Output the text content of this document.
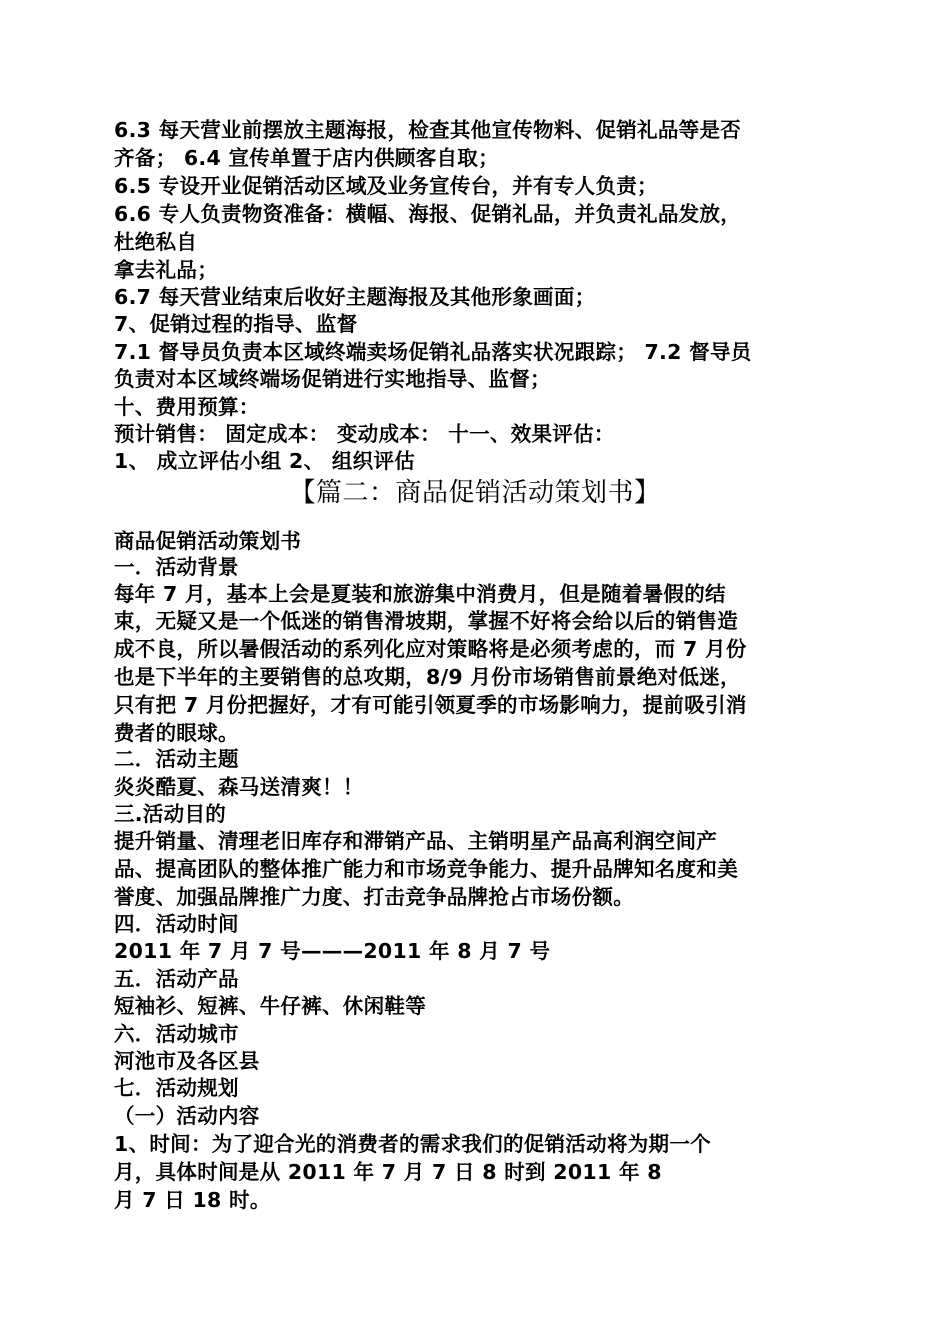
6.3 每天营业前摆放主题海报，检查其他宣传物料、促销礼品等是否
齐备； 6.4 宣传单置于店内供顾客自取；
6.5 专设开业促销活动区域及业务宣传台，并有专人负责；
6.6 专人负责物资准备：横幅、海报、促销礼品，并负责礼品发放，
杜绝私自
拿去礼品；
6.7 每天营业结束后收好主题海报及其他形象画面；
7、促销过程的指导、监督
7.1 督导员负责本区域终端卖场促销礼品落实状况跟踪； 7.2 督导员
负责对本区域终端场促销进行实地指导、监督；
十、费用预算：
预计销售： 固定成本： 变动成本： 十一、效果评估：
1、 成立评估小组 2、 组织评估
【篇二：商品促销活动策划书】
商品促销活动策划书
一．活动背景
每年 7 月，基本上会是夏装和旅游集中消费月，但是随着暑假的结
束，无疑又是一个低迷的销售滑坡期，掌握不好将会给以后的销售造
成不良，所以暑假活动的系列化应对策略将是必须考虑的，而 7 月份
也是下半年的主要销售的总攻期，8/9 月份市场销售前景绝对低迷，
只有把 7 月份把握好，才有可能引领夏季的市场影响力，提前吸引消
费者的眼球。
二．活动主题
炎炎酷夏、森马送清爽！！
三.活动目的
提升销量、清理老旧库存和滞销产品、主销明星产品高利润空间产
品、提高团队的整体推广能力和市场竞争能力、提升品牌知名度和美
誉度、加强品牌推广力度、打击竞争品牌抢占市场份额。
四．活动时间
2011 年 7 月 7 号———2011 年 8 月 7 号
五．活动产品
短袖衫、短裤、牛仔裤、休闲鞋等
六．活动城市
河池市及各区县
七．活动规划
（一）活动内容
1、时间：为了迎合光的消费者的需求我们的促销活动将为期一个
月，具体时间是从 2011 年 7 月 7 日 8 时到 2011 年 8
月 7 日 18 时。
